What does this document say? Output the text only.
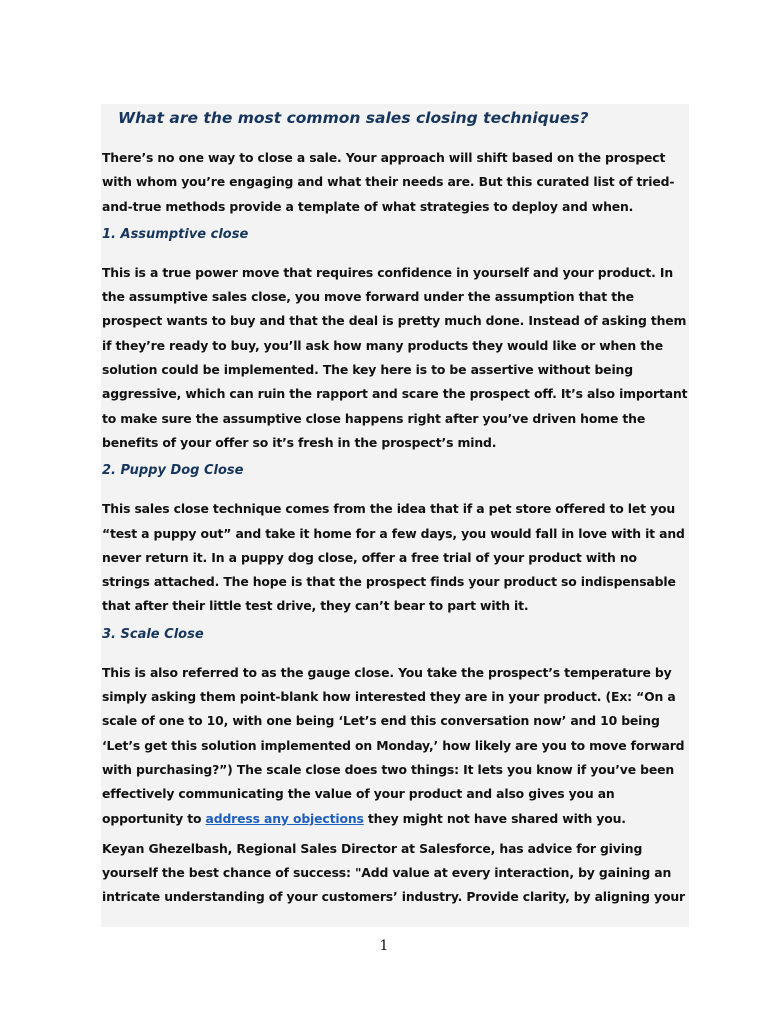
What are the most common sales closing techniques?

There’s no one way to close a sale. Your approach will shift based on the prospect with whom you’re engaging and what their needs are. But this curated list of tried-and-true methods provide a template of what strategies to deploy and when.

1. Assumptive close

This is a true power move that requires confidence in yourself and your product. In the assumptive sales close, you move forward under the assumption that the prospect wants to buy and that the deal is pretty much done. Instead of asking them if they’re ready to buy, you’ll ask how many products they would like or when the solution could be implemented. The key here is to be assertive without being aggressive, which can ruin the rapport and scare the prospect off. It’s also important to make sure the assumptive close happens right after you’ve driven home the benefits of your offer so it’s fresh in the prospect’s mind.

2. Puppy Dog Close

This sales close technique comes from the idea that if a pet store offered to let you “test a puppy out” and take it home for a few days, you would fall in love with it and never return it. In a puppy dog close, offer a free trial of your product with no strings attached. The hope is that the prospect finds your product so indispensable that after their little test drive, they can’t bear to part with it.

3. Scale Close

This is also referred to as the gauge close. You take the prospect’s temperature by simply asking them point-blank how interested they are in your product. (Ex: “On a scale of one to 10, with one being ‘Let’s end this conversation now’ and 10 being ‘Let’s get this solution implemented on Monday,’ how likely are you to move forward with purchasing?”) The scale close does two things: It lets you know if you’ve been effectively communicating the value of your product and also gives you an opportunity to address any objections they might not have shared with you.

Keyan Ghezelbash, Regional Sales Director at Salesforce, has advice for giving yourself the best chance of success: "Add value at every interaction, by gaining an intricate understanding of your customers’ industry. Provide clarity, by aligning your

1
